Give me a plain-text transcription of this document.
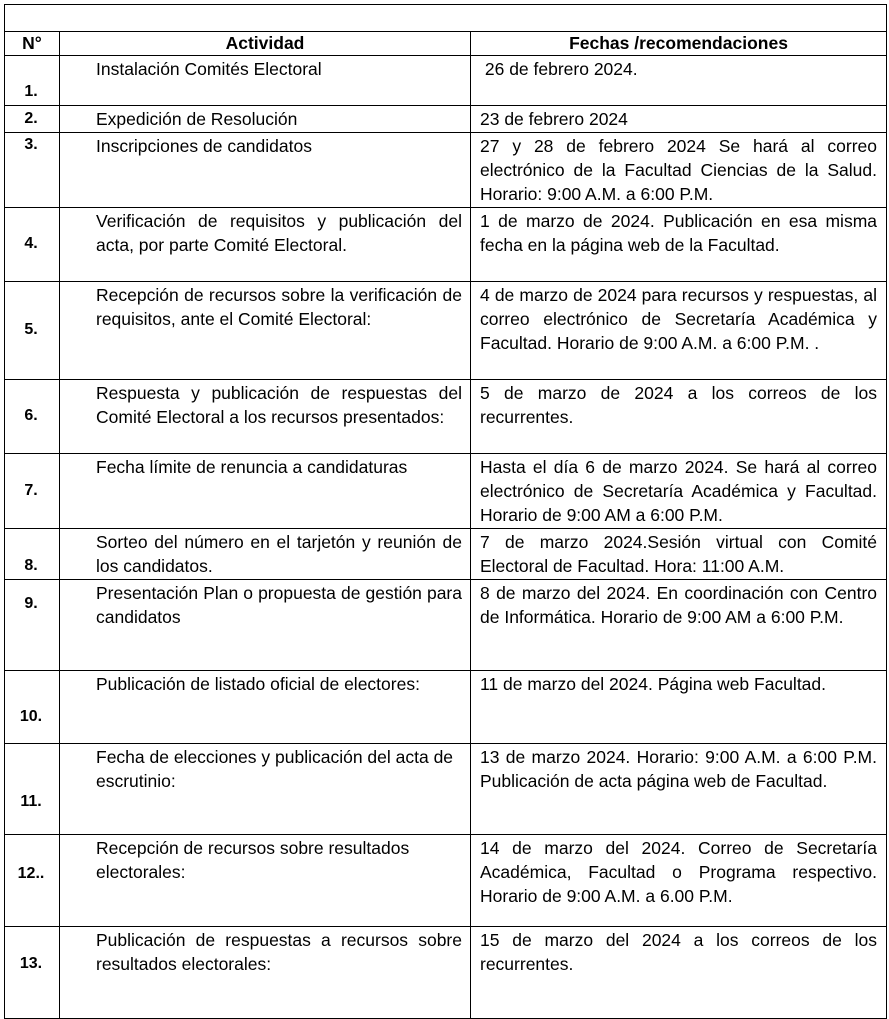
N°	Actividad	Fechas /recomendaciones
1.	Instalación Comités Electoral	26 de febrero 2024.
2.	Expedición de Resolución	23 de febrero 2024
3.	Inscripciones de candidatos	27 y 28 de febrero 2024 Se hará al correo electrónico de la Facultad Ciencias de la Salud. Horario: 9:00 A.M. a 6:00 P.M.
4.	Verificación de requisitos y publicación del acta, por parte Comité Electoral.	1 de marzo de 2024. Publicación en esa misma fecha en la página web de la Facultad.
5.	Recepción de recursos sobre la verificación de requisitos, ante el Comité Electoral:	4 de marzo de 2024 para recursos y respuestas, al correo electrónico de Secretaría Académica y Facultad. Horario de 9:00 A.M. a 6:00 P.M. .
6.	Respuesta y publicación de respuestas del Comité Electoral a los recursos presentados:	5 de marzo de 2024 a los correos de los recurrentes.
7.	Fecha límite de renuncia a candidaturas	Hasta el día 6 de marzo 2024. Se hará al correo electrónico de Secretaría Académica y Facultad. Horario de 9:00 AM a 6:00 P.M.
8.	Sorteo del número en el tarjetón y reunión de los candidatos.	7 de marzo 2024.Sesión virtual con Comité Electoral de Facultad. Hora: 11:00 A.M.
9.	Presentación Plan o propuesta de gestión para candidatos	8 de marzo del 2024. En coordinación con Centro de Informática. Horario de 9:00 AM a 6:00 P.M.
10.	Publicación de listado oficial de electores:	11 de marzo del 2024. Página web Facultad.
11.	Fecha de elecciones y publicación del acta de escrutinio:	13 de marzo 2024. Horario: 9:00 A.M. a 6:00 P.M. Publicación de acta página web de Facultad.
12..	Recepción de recursos sobre resultados electorales:	14 de marzo del 2024. Correo de Secretaría Académica, Facultad o Programa respectivo. Horario de 9:00 A.M. a 6.00 P.M.
13.	Publicación de respuestas a recursos sobre resultados electorales:	15 de marzo del 2024 a los correos de los recurrentes.
